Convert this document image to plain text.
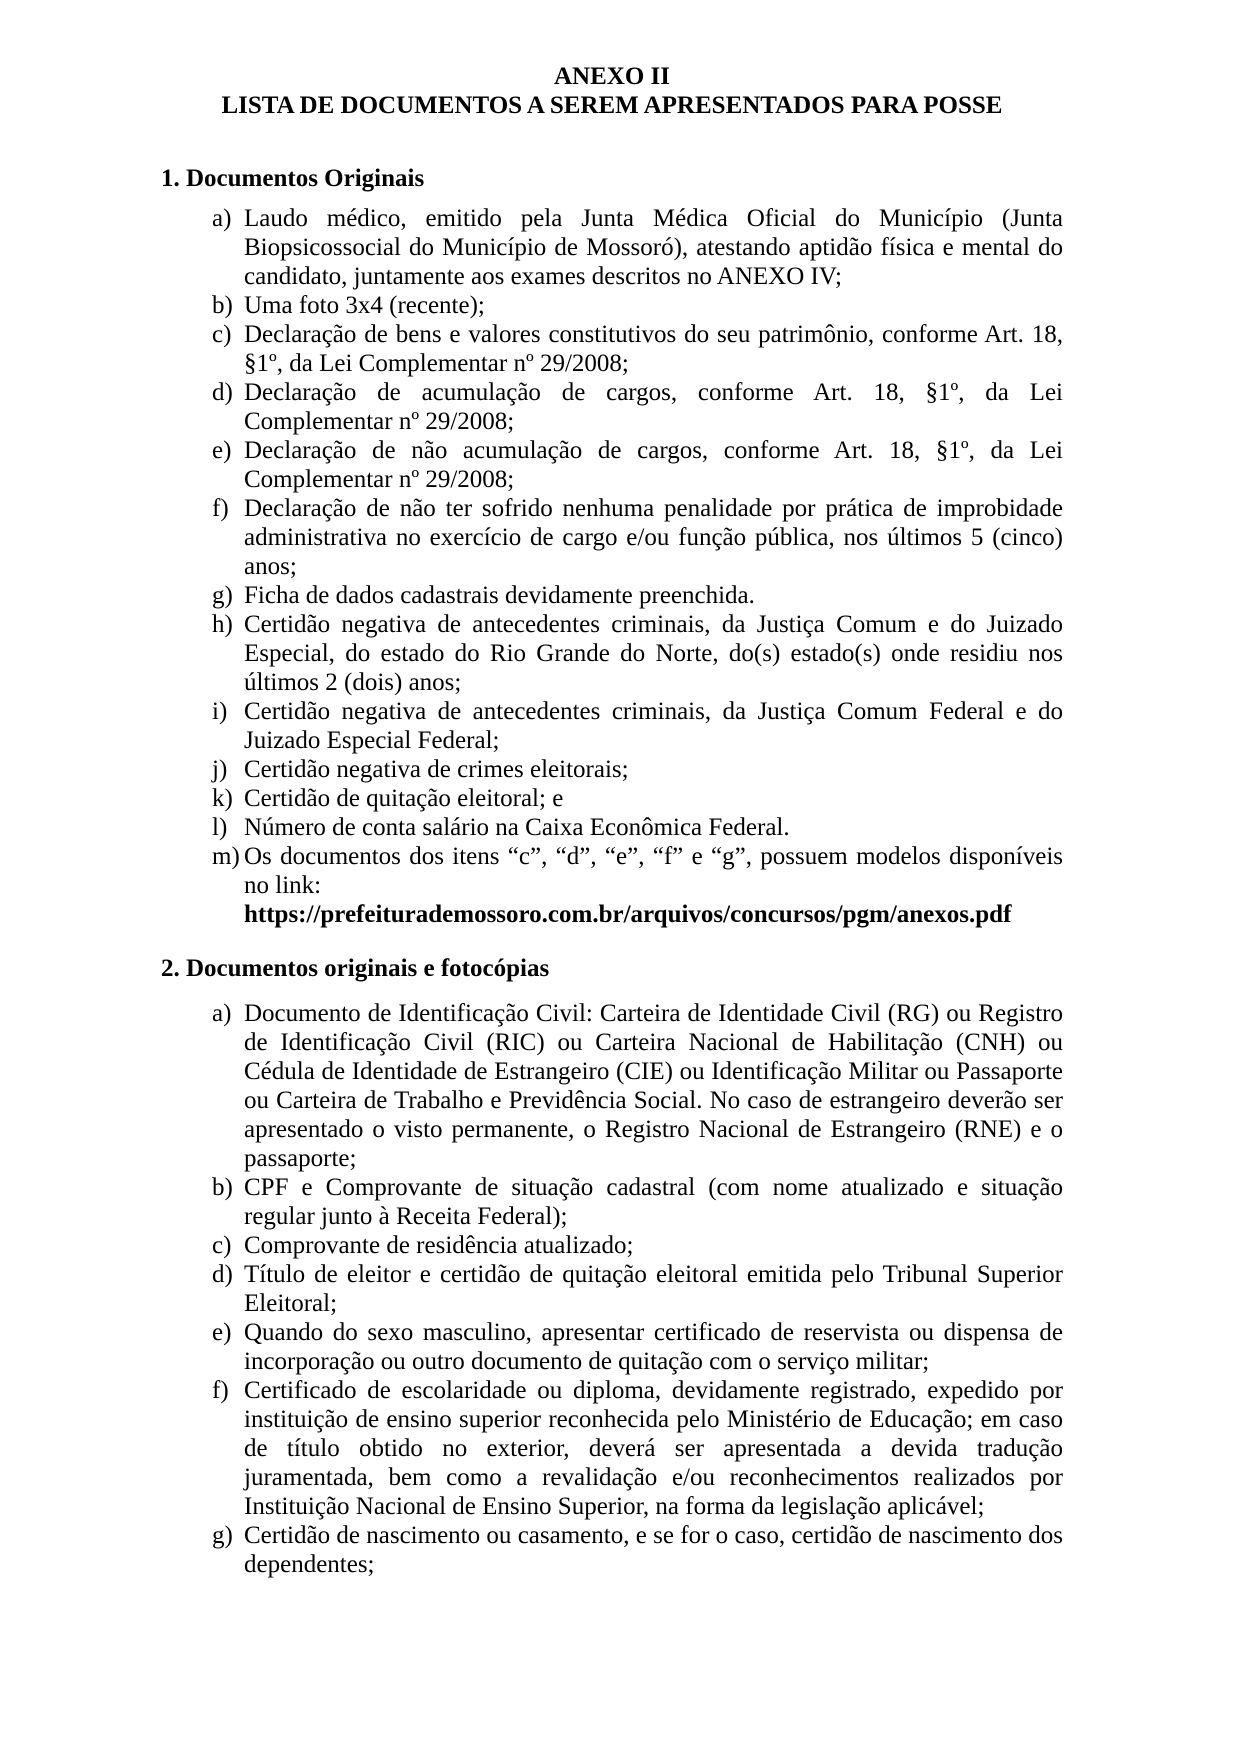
ANEXO II
LISTA DE DOCUMENTOS A SEREM APRESENTADOS PARA POSSE
1. Documentos Originais
a) Laudo médico, emitido pela Junta Médica Oficial do Município (Junta Biopsicossocial do Município de Mossoró), atestando aptidão física e mental do candidato, juntamente aos exames descritos no ANEXO IV;
b) Uma foto 3x4 (recente);
c) Declaração de bens e valores constitutivos do seu patrimônio, conforme Art. 18, §1º, da Lei Complementar nº 29/2008;
d) Declaração de acumulação de cargos, conforme Art. 18, §1º, da Lei Complementar nº 29/2008;
e) Declaração de não acumulação de cargos, conforme Art. 18, §1º, da Lei Complementar nº 29/2008;
f) Declaração de não ter sofrido nenhuma penalidade por prática de improbidade administrativa no exercício de cargo e/ou função pública, nos últimos 5 (cinco) anos;
g) Ficha de dados cadastrais devidamente preenchida.
h) Certidão negativa de antecedentes criminais, da Justiça Comum e do Juizado Especial, do estado do Rio Grande do Norte, do(s) estado(s) onde residiu nos últimos 2 (dois) anos;
i) Certidão negativa de antecedentes criminais, da Justiça Comum Federal e do Juizado Especial Federal;
j) Certidão negativa de crimes eleitorais;
k) Certidão de quitação eleitoral; e
l) Número de conta salário na Caixa Econômica Federal.
m) Os documentos dos itens “c”, “d”, “e”, “f” e “g”, possuem modelos disponíveis no link:
https://prefeiturademossoro.com.br/arquivos/concursos/pgm/anexos.pdf
2. Documentos originais e fotocópias
a) Documento de Identificação Civil: Carteira de Identidade Civil (RG) ou Registro de Identificação Civil (RIC) ou Carteira Nacional de Habilitação (CNH) ou Cédula de Identidade de Estrangeiro (CIE) ou Identificação Militar ou Passaporte ou Carteira de Trabalho e Previdência Social. No caso de estrangeiro deverão ser apresentado o visto permanente, o Registro Nacional de Estrangeiro (RNE) e o passaporte;
b) CPF e Comprovante de situação cadastral (com nome atualizado e situação regular junto à Receita Federal);
c) Comprovante de residência atualizado;
d) Título de eleitor e certidão de quitação eleitoral emitida pelo Tribunal Superior Eleitoral;
e) Quando do sexo masculino, apresentar certificado de reservista ou dispensa de incorporação ou outro documento de quitação com o serviço militar;
f) Certificado de escolaridade ou diploma, devidamente registrado, expedido por instituição de ensino superior reconhecida pelo Ministério de Educação; em caso de título obtido no exterior, deverá ser apresentada a devida tradução juramentada, bem como a revalidação e/ou reconhecimentos realizados por Instituição Nacional de Ensino Superior, na forma da legislação aplicável;
g) Certidão de nascimento ou casamento, e se for o caso, certidão de nascimento dos dependentes;
